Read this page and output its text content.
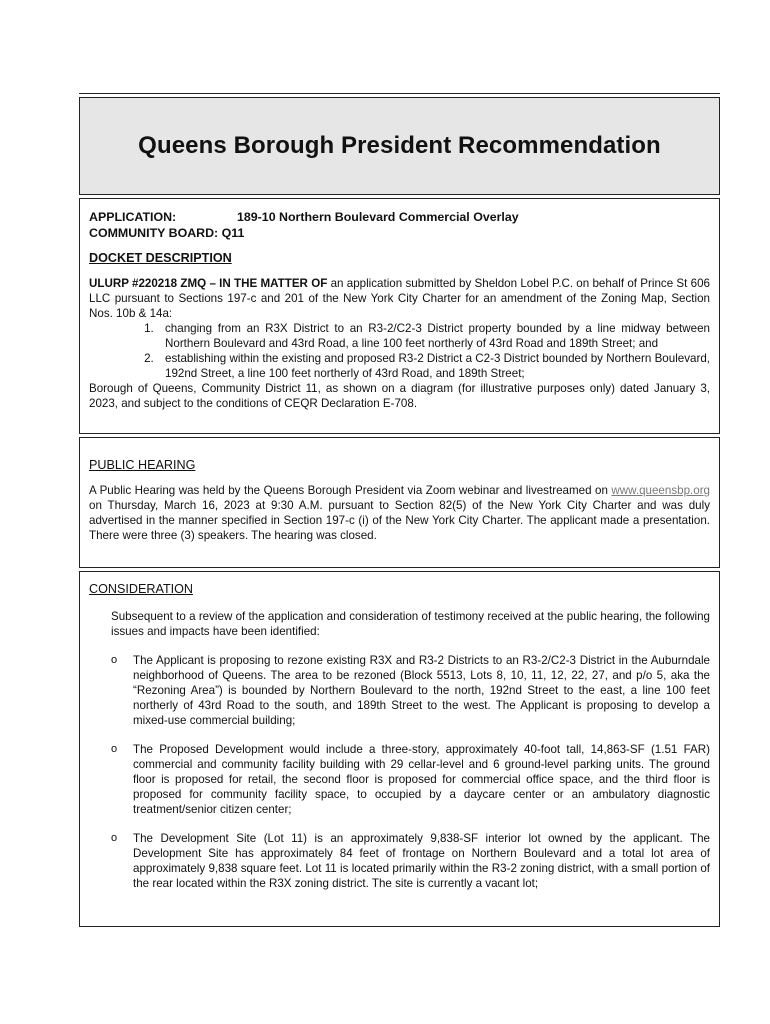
Queens Borough President Recommendation
APPLICATION:	189-10 Northern Boulevard Commercial Overlay
COMMUNITY BOARD:
Q11

DOCKET DESCRIPTION

ULURP #220218 ZMQ – IN THE MATTER OF an application submitted by Sheldon Lobel P.C. on behalf of Prince St 606 LLC pursuant to Sections 197-c and 201 of the New York City Charter for an amendment of the Zoning Map, Section Nos. 10b & 14a:

1. changing from an R3X District to an R3-2/C2-3 District property bounded by a line midway between Northern Boulevard and 43rd Road, a line 100 feet northerly of 43rd Road and 189th Street; and
2. establishing within the existing and proposed R3-2 District a C2-3 District bounded by Northern Boulevard, 192nd Street, a line 100 feet northerly of 43rd Road, and 189th Street;

Borough of Queens, Community District 11, as shown on a diagram (for illustrative purposes only) dated January 3, 2023, and subject to the conditions of CEQR Declaration E-708.

PUBLIC HEARING

A Public Hearing was held by the Queens Borough President via Zoom webinar and livestreamed on www.queensbp.org on Thursday, March 16, 2023 at 9:30 A.M. pursuant to Section 82(5) of the New York City Charter and was duly advertised in the manner specified in Section 197-c (i) of the New York City Charter. The applicant made a presentation. There were three (3) speakers. The hearing was closed.

CONSIDERATION

Subsequent to a review of the application and consideration of testimony received at the public hearing, the following issues and impacts have been identified:

o The Applicant is proposing to rezone existing R3X and R3-2 Districts to an R3-2/C2-3 District in the Auburndale neighborhood of Queens. The area to be rezoned (Block 5513, Lots 8, 10, 11, 12, 22, 27, and p/o 5, aka the “Rezoning Area”) is bounded by Northern Boulevard to the north, 192nd Street to the east, a line 100 feet northerly of 43rd Road to the south, and 189th Street to the west. The Applicant is proposing to develop a mixed-use commercial building;
o The Proposed Development would include a three-story, approximately 40-foot tall, 14,863-SF (1.51 FAR) commercial and community facility building with 29 cellar-level and 6 ground-level parking units. The ground floor is proposed for retail, the second floor is proposed for commercial office space, and the third floor is proposed for community facility space, to occupied by a daycare center or an ambulatory diagnostic treatment/senior citizen center;
o The Development Site (Lot 11) is an approximately 9,838-SF interior lot owned by the applicant. The Development Site has approximately 84 feet of frontage on Northern Boulevard and a total lot area of approximately 9,838 square feet. Lot 11 is located primarily within the R3-2 zoning district, with a small portion of the rear located within the R3X zoning district. The site is currently a vacant lot;
